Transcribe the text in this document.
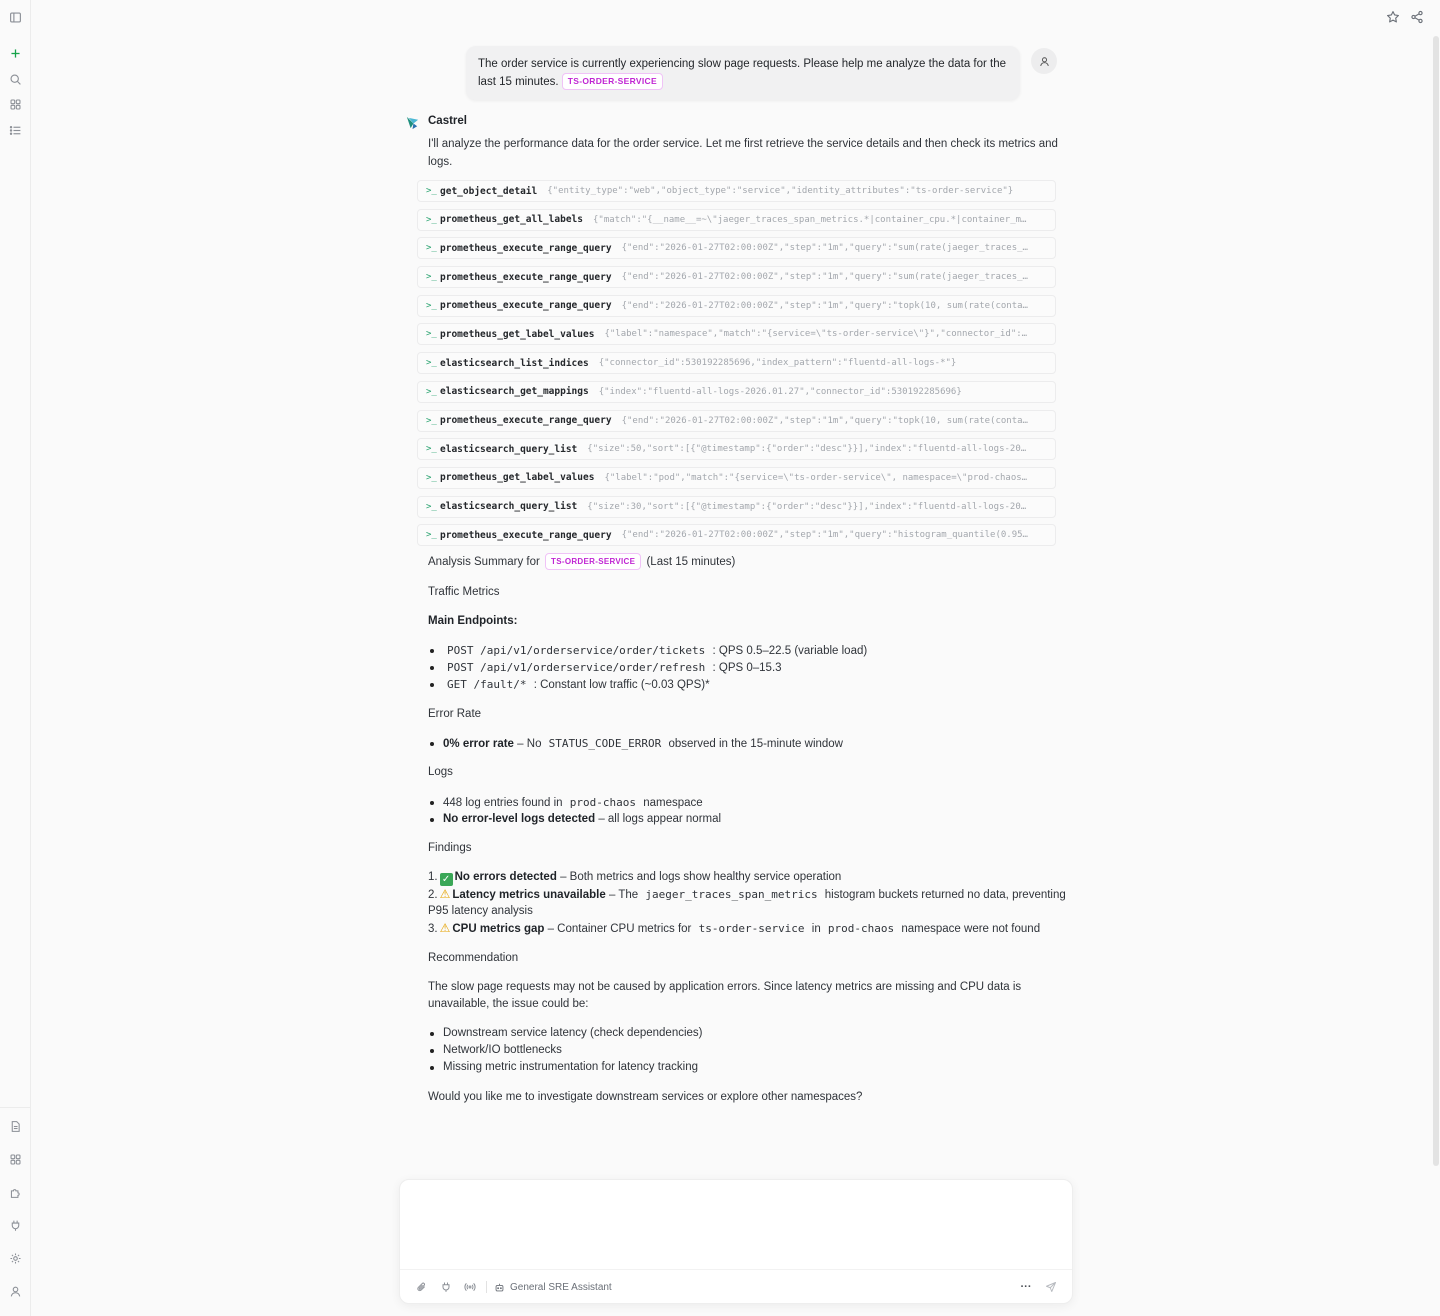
The order service is currently experiencing slow page requests. Please help me analyze the data for the last 15 minutes. TS-ORDER-SERVICE
Castrel
I'll analyze the performance data for the order service. Let me first retrieve the service details and then check its metrics and logs.
>_ get_object_detail {"entity_type":"web","object_type":"service","identity_attributes":"ts-order-service"}
>_ prometheus_get_all_labels {"match":"{__name__=~\"jaeger_traces_span_metrics.*|container_cpu.*|container_m…
>_ prometheus_execute_range_query {"end":"2026-01-27T02:00:00Z","step":"1m","query":"sum(rate(jaeger_traces_…
>_ prometheus_execute_range_query {"end":"2026-01-27T02:00:00Z","step":"1m","query":"sum(rate(jaeger_traces_…
>_ prometheus_execute_range_query {"end":"2026-01-27T02:00:00Z","step":"1m","query":"topk(10, sum(rate(conta…
>_ prometheus_get_label_values {"label":"namespace","match":"{service=\"ts-order-service\"}","connector_id":…
>_ elasticsearch_list_indices {"connector_id":530192285696,"index_pattern":"fluentd-all-logs-*"}
>_ elasticsearch_get_mappings {"index":"fluentd-all-logs-2026.01.27","connector_id":530192285696}
>_ prometheus_execute_range_query {"end":"2026-01-27T02:00:00Z","step":"1m","query":"topk(10, sum(rate(conta…
>_ elasticsearch_query_list {"size":50,"sort":[{"@timestamp":{"order":"desc"}}],"index":"fluentd-all-logs-20…
>_ prometheus_get_label_values {"label":"pod","match":"{service=\"ts-order-service\", namespace=\"prod-chaos…
>_ elasticsearch_query_list {"size":30,"sort":[{"@timestamp":{"order":"desc"}}],"index":"fluentd-all-logs-20…
>_ prometheus_execute_range_query {"end":"2026-01-27T02:00:00Z","step":"1m","query":"histogram_quantile(0.95…
Analysis Summary for TS-ORDER-SERVICE (Last 15 minutes)
Traffic Metrics
Main Endpoints:
POST /api/v1/orderservice/order/tickets : QPS 0.5–22.5 (variable load)
POST /api/v1/orderservice/order/refresh : QPS 0–15.3
GET /fault/* : Constant low traffic (~0.03 QPS)*
Error Rate
0% error rate – No STATUS_CODE_ERROR observed in the 15-minute window
Logs
448 log entries found in prod-chaos namespace
No error-level logs detected – all logs appear normal
Findings
1. ✓ No errors detected – Both metrics and logs show healthy service operation
2. ⚠ Latency metrics unavailable – The jaeger_traces_span_metrics histogram buckets returned no data, preventing
P95 latency analysis
3. ⚠ CPU metrics gap – Container CPU metrics for ts-order-service in prod-chaos namespace were not found
Recommendation
The slow page requests may not be caused by application errors. Since latency metrics are missing and CPU data is
unavailable, the issue could be:
Downstream service latency (check dependencies)
Network/IO bottlenecks
Missing metric instrumentation for latency tracking
Would you like me to investigate downstream services or explore other namespaces?
General SRE Assistant	···
